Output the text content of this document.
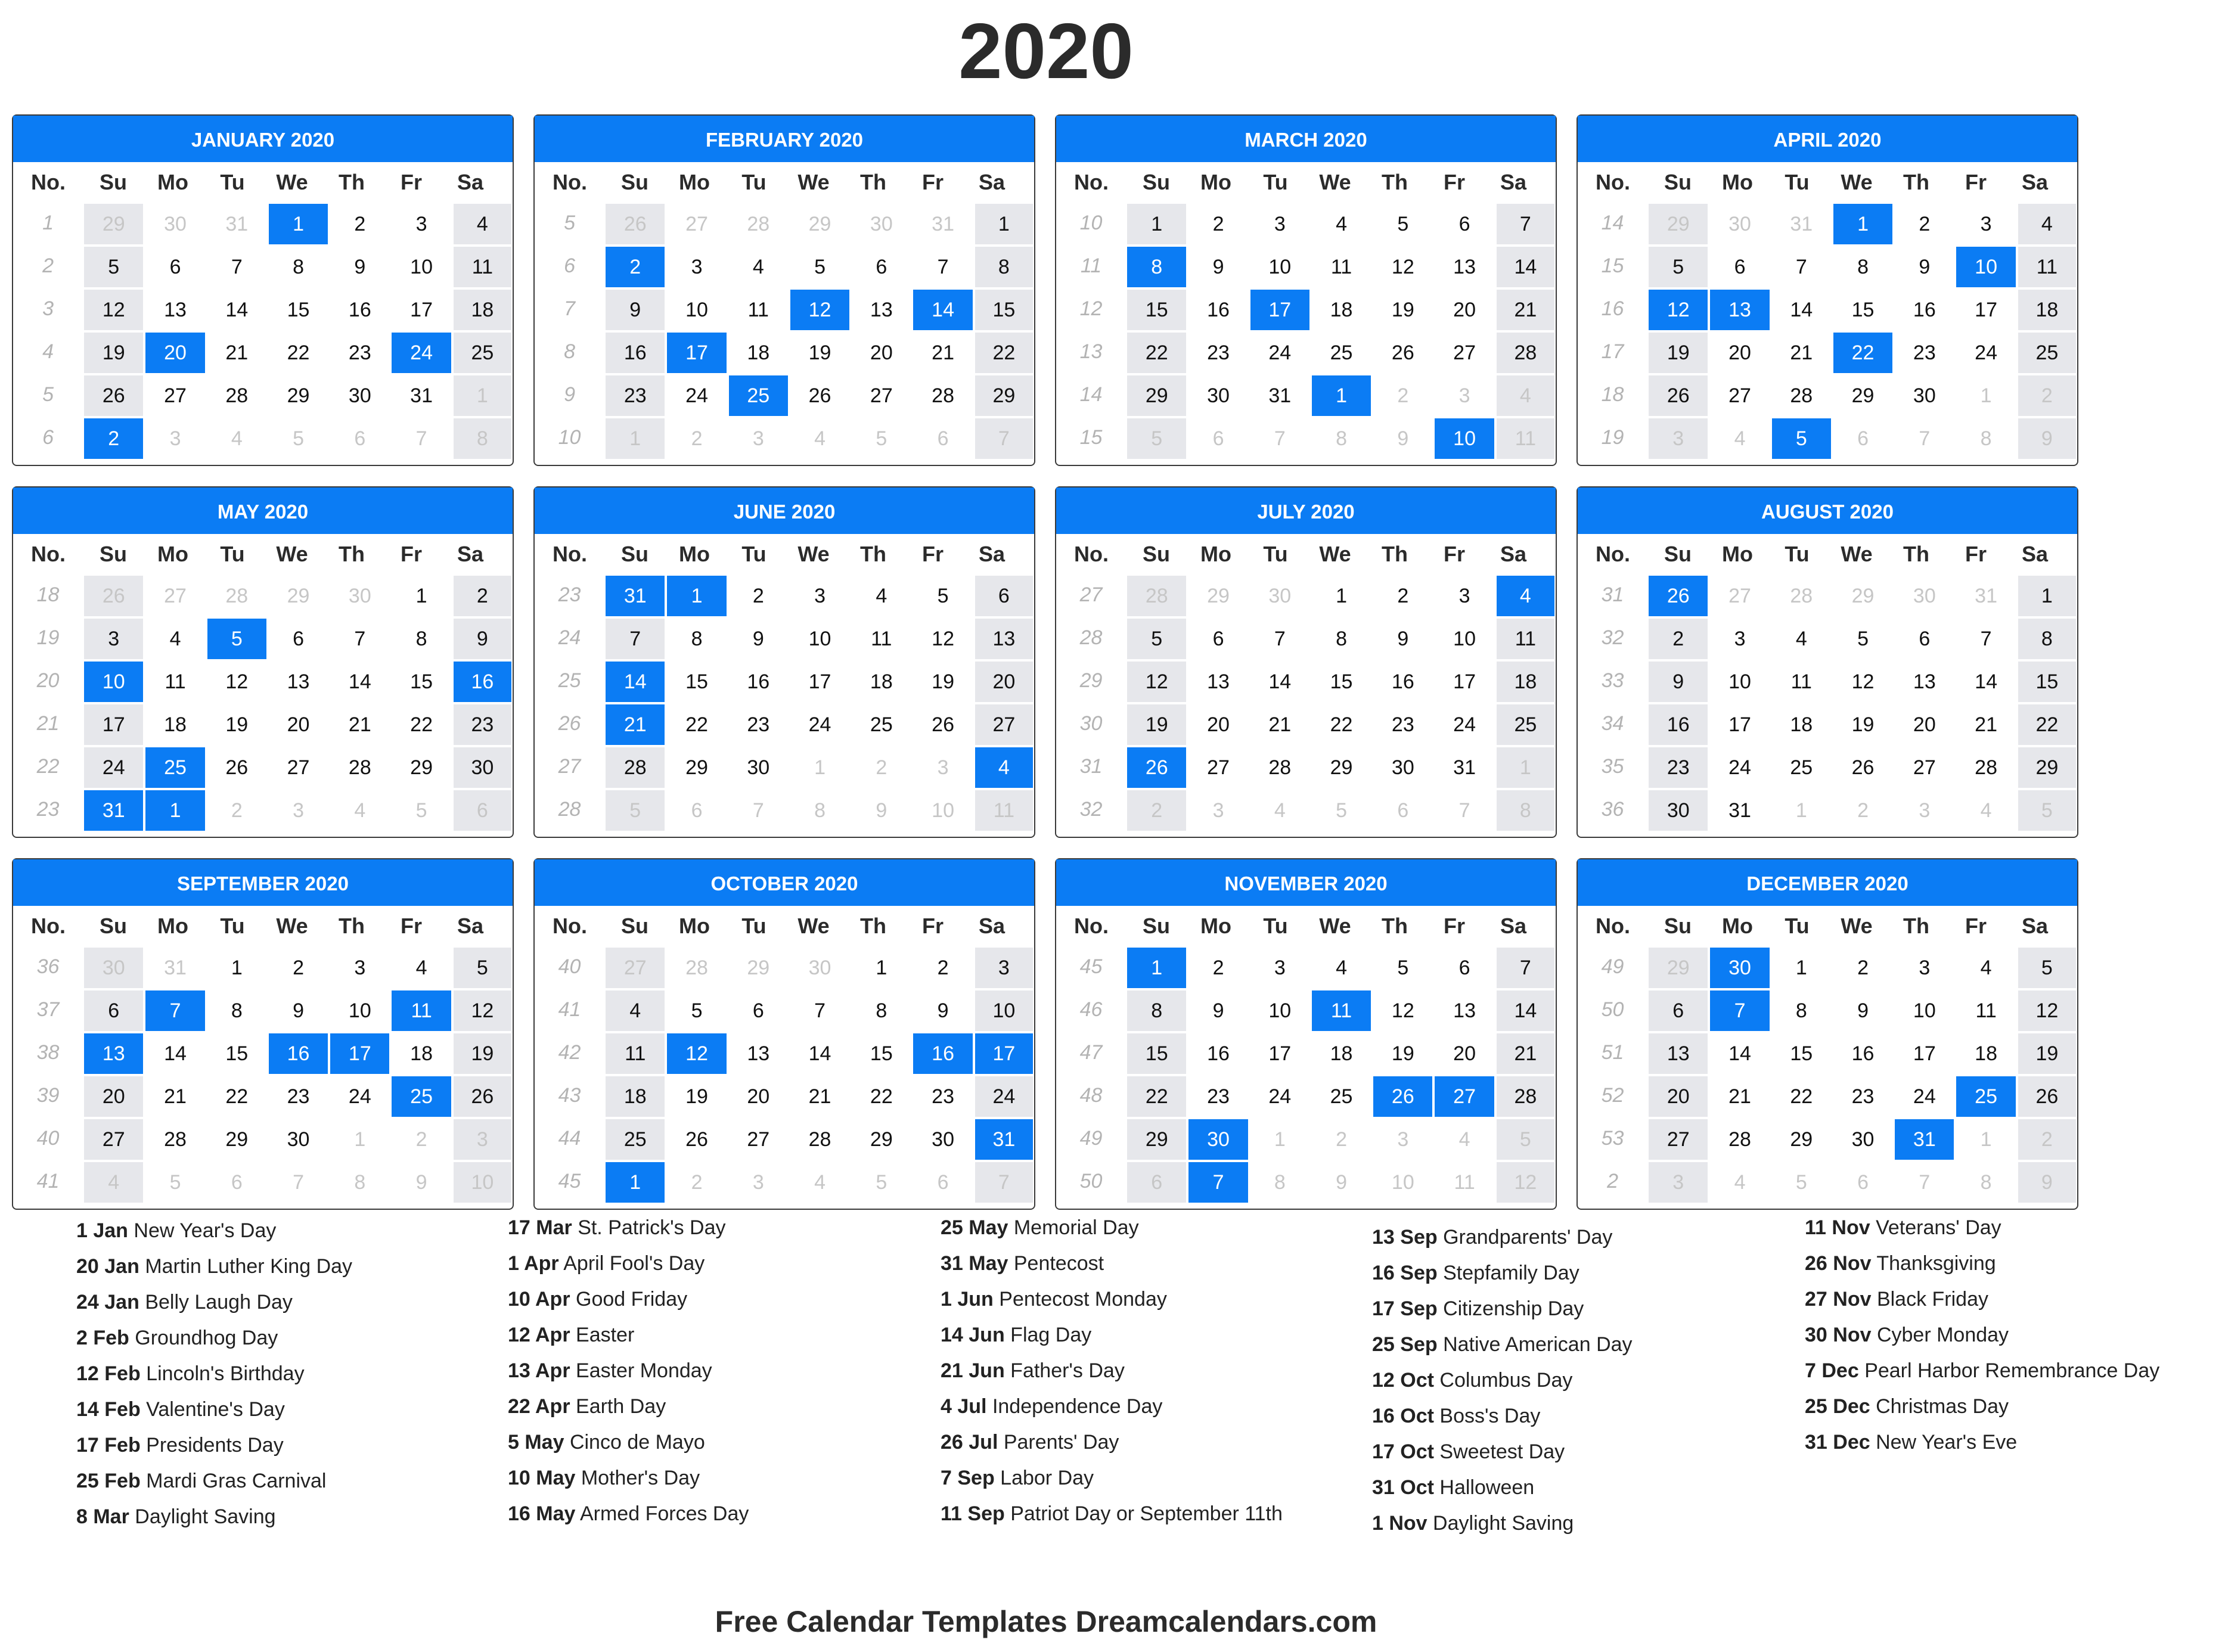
2020
JANUARY 2020
No.	Su	Mo	Tu	We	Th	Fr	Sa
1	29	30	31	1	2	3	4
2	5	6	7	8	9	10	11
3	12	13	14	15	16	17	18
4	19	20	21	22	23	24	25
5	26	27	28	29	30	31	1
6	2	3	4	5	6	7	8
FEBRUARY 2020
No.	Su	Mo	Tu	We	Th	Fr	Sa
5	26	27	28	29	30	31	1
6	2	3	4	5	6	7	8
7	9	10	11	12	13	14	15
8	16	17	18	19	20	21	22
9	23	24	25	26	27	28	29
10	1	2	3	4	5	6	7
MARCH 2020
No.	Su	Mo	Tu	We	Th	Fr	Sa
10	1	2	3	4	5	6	7
11	8	9	10	11	12	13	14
12	15	16	17	18	19	20	21
13	22	23	24	25	26	27	28
14	29	30	31	1	2	3	4
15	5	6	7	8	9	10	11
APRIL 2020
No.	Su	Mo	Tu	We	Th	Fr	Sa
14	29	30	31	1	2	3	4
15	5	6	7	8	9	10	11
16	12	13	14	15	16	17	18
17	19	20	21	22	23	24	25
18	26	27	28	29	30	1	2
19	3	4	5	6	7	8	9
MAY 2020
No.	Su	Mo	Tu	We	Th	Fr	Sa
18	26	27	28	29	30	1	2
19	3	4	5	6	7	8	9
20	10	11	12	13	14	15	16
21	17	18	19	20	21	22	23
22	24	25	26	27	28	29	30
23	31	1	2	3	4	5	6
JUNE 2020
No.	Su	Mo	Tu	We	Th	Fr	Sa
23	31	1	2	3	4	5	6
24	7	8	9	10	11	12	13
25	14	15	16	17	18	19	20
26	21	22	23	24	25	26	27
27	28	29	30	1	2	3	4
28	5	6	7	8	9	10	11
JULY 2020
No.	Su	Mo	Tu	We	Th	Fr	Sa
27	28	29	30	1	2	3	4
28	5	6	7	8	9	10	11
29	12	13	14	15	16	17	18
30	19	20	21	22	23	24	25
31	26	27	28	29	30	31	1
32	2	3	4	5	6	7	8
AUGUST 2020
No.	Su	Mo	Tu	We	Th	Fr	Sa
31	26	27	28	29	30	31	1
32	2	3	4	5	6	7	8
33	9	10	11	12	13	14	15
34	16	17	18	19	20	21	22
35	23	24	25	26	27	28	29
36	30	31	1	2	3	4	5
SEPTEMBER 2020
No.	Su	Mo	Tu	We	Th	Fr	Sa
36	30	31	1	2	3	4	5
37	6	7	8	9	10	11	12
38	13	14	15	16	17	18	19
39	20	21	22	23	24	25	26
40	27	28	29	30	1	2	3
41	4	5	6	7	8	9	10
OCTOBER 2020
No.	Su	Mo	Tu	We	Th	Fr	Sa
40	27	28	29	30	1	2	3
41	4	5	6	7	8	9	10
42	11	12	13	14	15	16	17
43	18	19	20	21	22	23	24
44	25	26	27	28	29	30	31
45	1	2	3	4	5	6	7
NOVEMBER 2020
No.	Su	Mo	Tu	We	Th	Fr	Sa
45	1	2	3	4	5	6	7
46	8	9	10	11	12	13	14
47	15	16	17	18	19	20	21
48	22	23	24	25	26	27	28
49	29	30	1	2	3	4	5
50	6	7	8	9	10	11	12
DECEMBER 2020
No.	Su	Mo	Tu	We	Th	Fr	Sa
49	29	30	1	2	3	4	5
50	6	7	8	9	10	11	12
51	13	14	15	16	17	18	19
52	20	21	22	23	24	25	26
53	27	28	29	30	31	1	2
2	3	4	5	6	7	8	9
1 Jan New Year's Day
20 Jan Martin Luther King Day
24 Jan Belly Laugh Day
2 Feb Groundhog Day
12 Feb Lincoln's Birthday
14 Feb Valentine's Day
17 Feb Presidents Day
25 Feb Mardi Gras Carnival
8 Mar Daylight Saving
17 Mar St. Patrick's Day
1 Apr April Fool's Day
10 Apr Good Friday
12 Apr Easter
13 Apr Easter Monday
22 Apr Earth Day
5 May Cinco de Mayo
10 May Mother's Day
16 May Armed Forces Day
25 May Memorial Day
31 May Pentecost
1 Jun Pentecost Monday
14 Jun Flag Day
21 Jun Father's Day
4 Jul Independence Day
26 Jul Parents' Day
7 Sep Labor Day
11 Sep Patriot Day or September 11th
13 Sep Grandparents' Day
16 Sep Stepfamily Day
17 Sep Citizenship Day
25 Sep Native American Day
12 Oct Columbus Day
16 Oct Boss's Day
17 Oct Sweetest Day
31 Oct Halloween
1 Nov Daylight Saving
11 Nov Veterans' Day
26 Nov Thanksgiving
27 Nov Black Friday
30 Nov Cyber Monday
7 Dec Pearl Harbor Remembrance Day
25 Dec Christmas Day
31 Dec New Year's Eve
Free Calendar Templates Dreamcalendars.com
